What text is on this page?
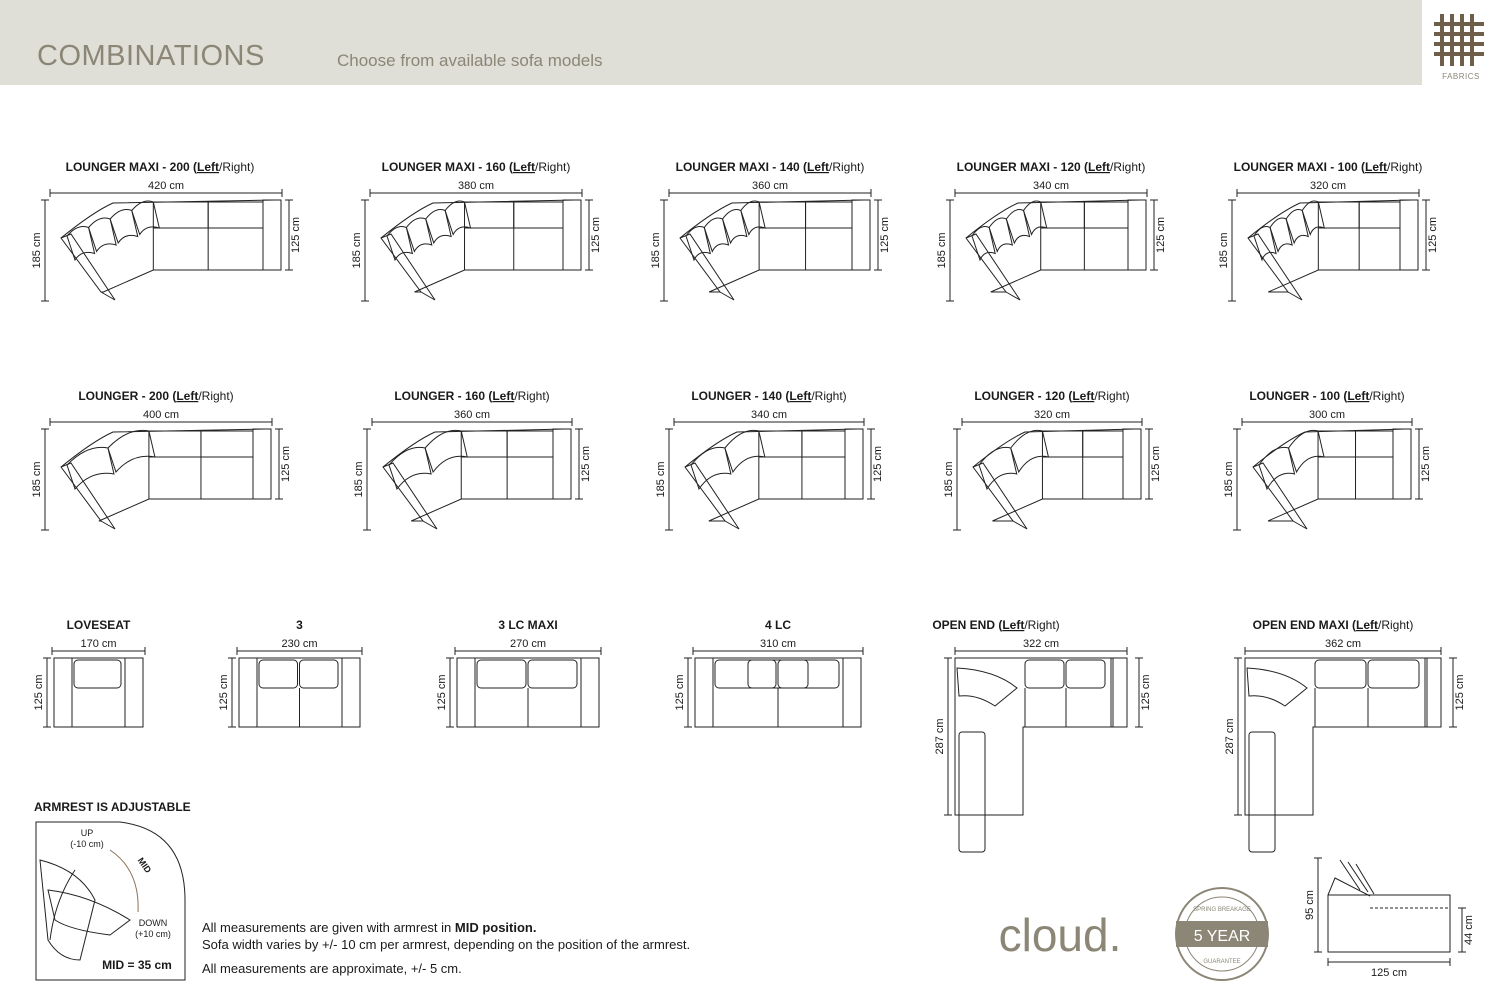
COMBINATIONS	Choose from available sofa models
FABRICS
LOUNGER MAXI - 200 (Left/Right)
420 cm
185 cm	125 cm
LOUNGER MAXI - 160 (Left/Right)
380 cm
185 cm	125 cm
LOUNGER MAXI - 140 (Left/Right)
360 cm
185 cm	125 cm
LOUNGER MAXI - 120 (Left/Right)
340 cm
185 cm	125 cm
LOUNGER MAXI - 100 (Left/Right)
320 cm
185 cm	125 cm
LOUNGER - 200 (Left/Right)
400 cm
185 cm	125 cm
LOUNGER - 160 (Left/Right)
360 cm
185 cm	125 cm
LOUNGER - 140 (Left/Right)
340 cm
185 cm	125 cm
LOUNGER - 120 (Left/Right)
320 cm
185 cm	125 cm
LOUNGER - 100 (Left/Right)
300 cm
185 cm	125 cm
LOVESEAT
170 cm
125 cm
3
230 cm
125 cm
3 LC MAXI
270 cm
125 cm
4 LC
310 cm
125 cm
OPEN END (Left/Right)
322 cm
287 cm
125 cm
OPEN END MAXI (Left/Right)
362 cm
287 cm
125 cm
UP
(-10 cm)
MID
DOWN
(+10 cm)
MID = 35 cm
cloud.	5 YEAR
SPRING BREAKAGE
GUARANTEE
125 cm
95 cm
44 cm
ARMREST IS ADJUSTABLE
All measurements are given with armrest in MID position.
Sofa width varies by +/- 10 cm per armrest, depending on the position of the armrest.
All measurements are approximate, +/- 5 cm.
